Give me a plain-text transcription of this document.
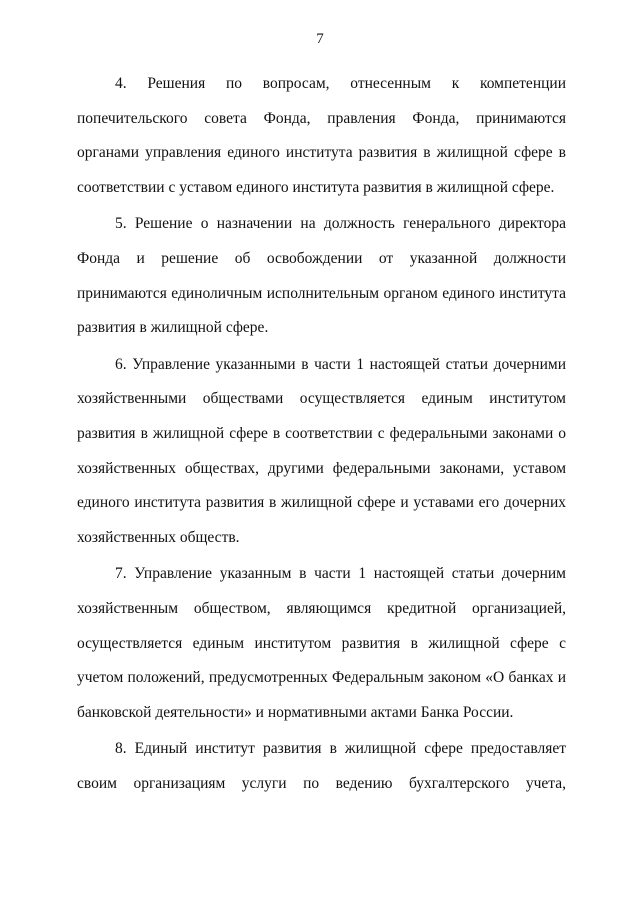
7

4. Решения по вопросам, отнесенным к компетенции попечительского совета Фонда, правления Фонда, принимаются органами управления единого института развития в жилищной сфере в соответствии с уставом единого института развития в жилищной сфере.

5. Решение о назначении на должность генерального директора Фонда и решение об освобождении от указанной должности принимаются единоличным исполнительным органом единого института развития в жилищной сфере.

6. Управление указанными в части 1 настоящей статьи дочерними хозяйственными обществами осуществляется единым институтом развития в жилищной сфере в соответствии с федеральными законами о хозяйственных обществах, другими федеральными законами, уставом единого института развития в жилищной сфере и уставами его дочерних хозяйственных обществ.

7. Управление указанным в части 1 настоящей статьи дочерним хозяйственным обществом, являющимся кредитной организацией, осуществляется единым институтом развития в жилищной сфере с учетом положений, предусмотренных Федеральным законом «О банках и банковской деятельности» и нормативными актами Банка России.

8. Единый институт развития в жилищной сфере предоставляет своим организациям услуги по ведению бухгалтерского учета,
